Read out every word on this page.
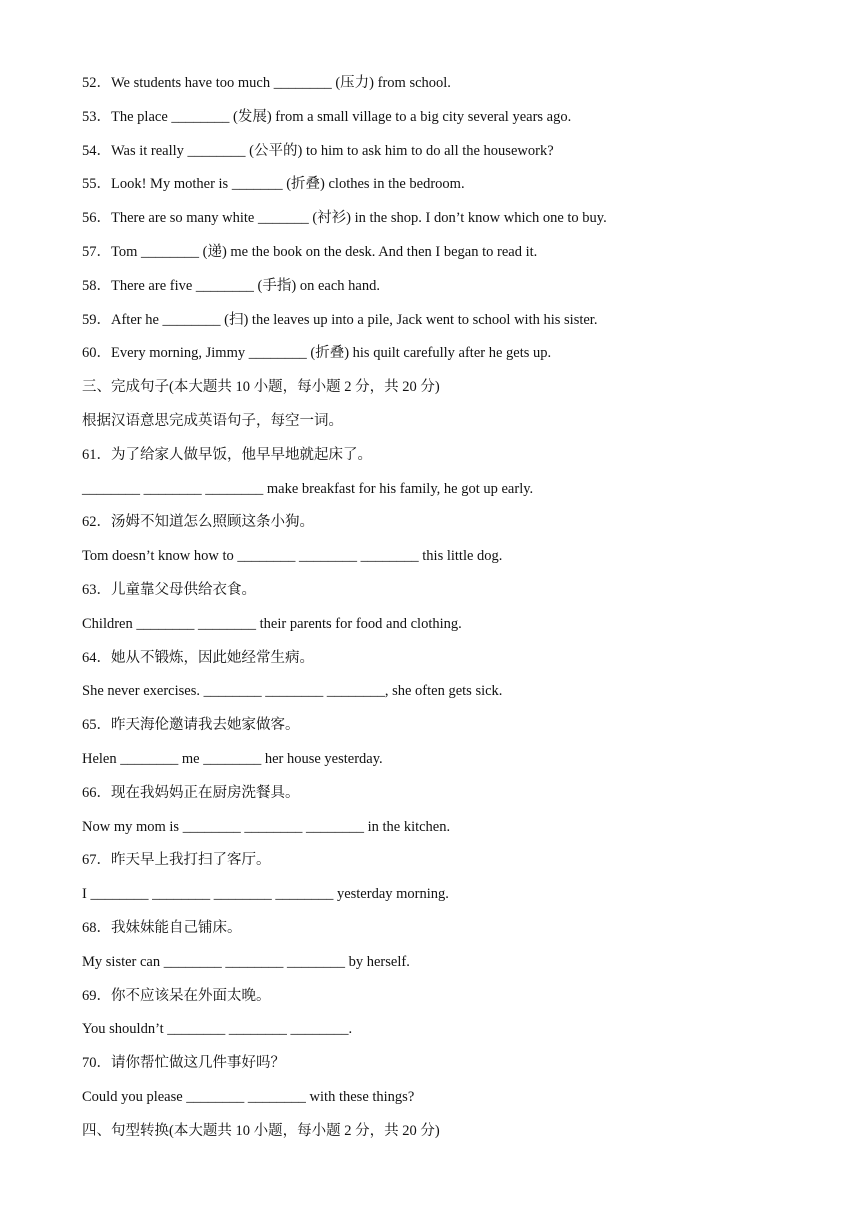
52．We students have too much ________ (压力) from school.
53．The place ________ (发展) from a small village to a big city several years ago.
54．Was it really ________ (公平的) to him to ask him to do all the housework?
55．Look! My mother is _______ (折叠) clothes in the bedroom.
56．There are so many white _______ (衬衫) in the shop. I don’t know which one to buy.
57．Tom ________ (递) me the book on the desk. And then I began to read it.
58．There are five ________ (手指) on each hand.
59．After he ________ (扫) the leaves up into a pile, Jack went to school with his sister.
60．Every morning, Jimmy ________ (折叠) his quilt carefully after he gets up.
三、完成句子(本大题共 10 小题，每小题 2 分，共 20 分)
根据汉语意思完成英语句子，每空一词。
61．为了给家人做早饭，他早早地就起床了。
________ ________ ________ make breakfast for his family, he got up early.
62．汤姆不知道怎么照顾这条小狗。
Tom doesn’t know how to ________ ________ ________ this little dog.
63．儿童靠父母供给衣食。
Children ________ ________ their parents for food and clothing.
64．她从不锻炼，因此她经常生病。
She never exercises. ________ ________ ________, she often gets sick.
65．昨天海伦邀请我去她家做客。
Helen ________ me ________ her house yesterday.
66．现在我妈妈正在厨房洗餐具。
Now my mom is ________ ________ ________ in the kitchen.
67．昨天早上我打扫了客厅。
I ________ ________ ________ ________ yesterday morning.
68．我妹妹能自己铺床。
My sister can ________ ________ ________ by herself.
69．你不应该呆在外面太晚。
You shouldn’t ________ ________ ________.
70．请你帮忙做这几件事好吗？
Could you please ________ ________ with these things?
四、句型转换(本大题共 10 小题，每小题 2 分，共 20 分)
